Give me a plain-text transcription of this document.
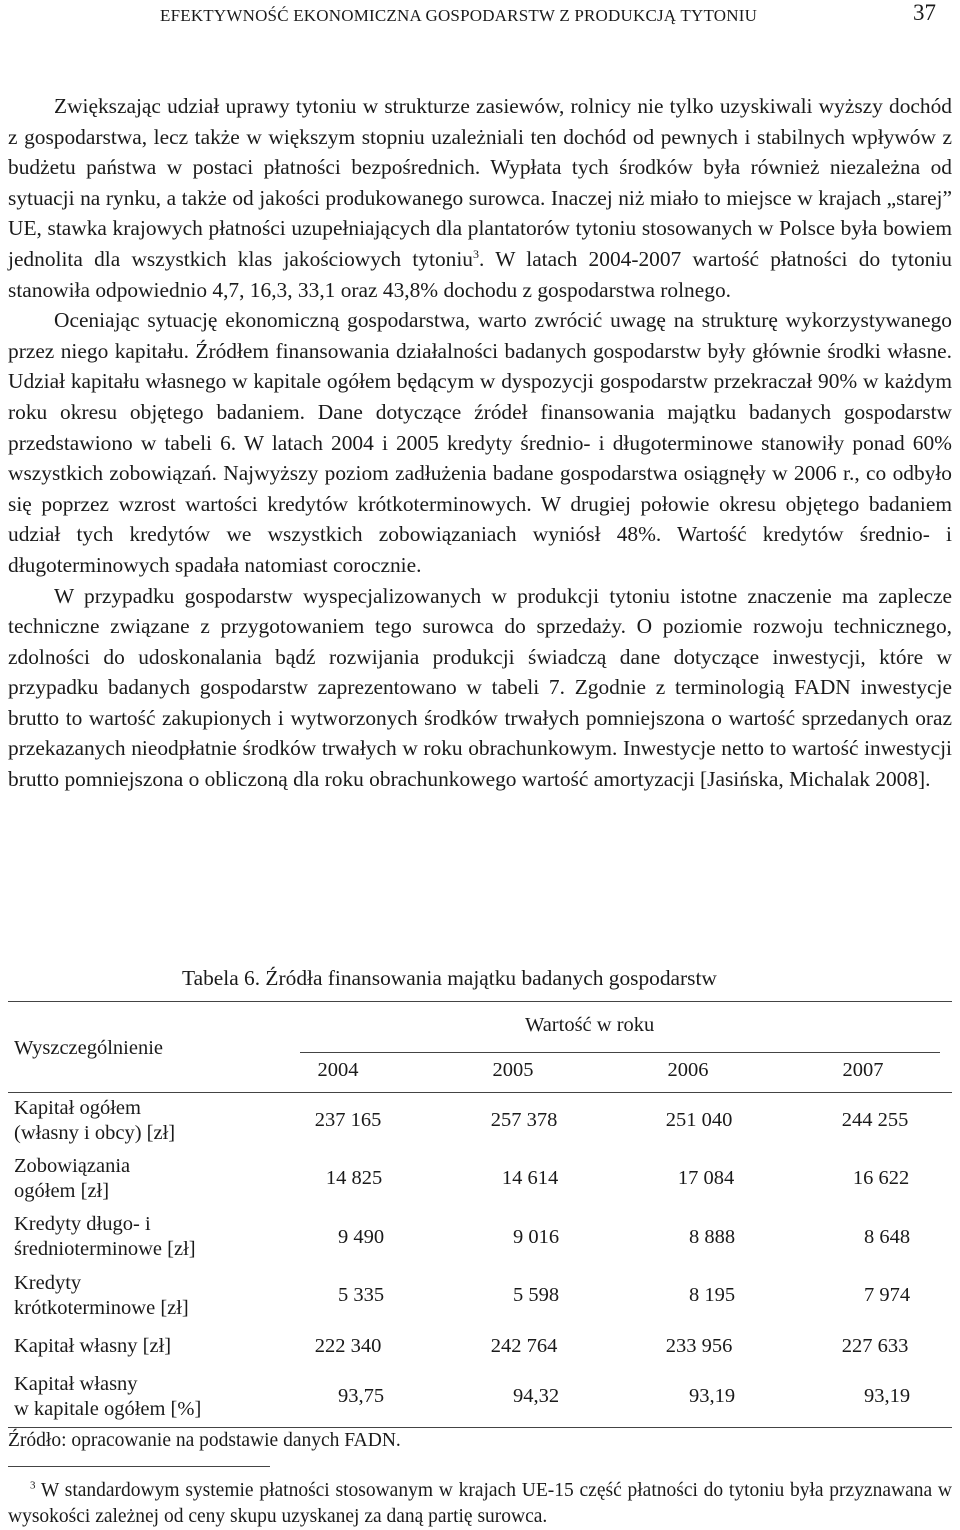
EFEKTYWNOŚĆ EKONOMICZNA GOSPODARSTW Z PRODUKCJĄ TYTONIU	37

Zwiększając udział uprawy tytoniu w strukturze zasiewów, rolnicy nie tylko uzyskiwali wyższy dochód z gospodarstwa, lecz także w większym stopniu uzależniali ten dochód od pewnych i stabilnych wpływów z budżetu państwa w postaci płatności bezpośrednich. Wypłata tych środków była również niezależna od sytuacji na rynku, a także od jakości produkowanego surowca. Inaczej niż miało to miejsce w krajach „starej” UE, stawka krajowych płatności uzupełniających dla plantatorów tytoniu stosowanych w Polsce była bowiem jednolita dla wszystkich klas jakościowych tytoniu$^3$. W latach 2004-2007 wartość płatności do tytoniu stanowiła odpowiednio 4,7, 16,3, 33,1 oraz 43,8% dochodu z gospodarstwa rolnego.

Oceniając sytuację ekonomiczną gospodarstwa, warto zwrócić uwagę na strukturę wykorzystywanego przez niego kapitału. Źródłem finansowania działalności badanych gospodarstw były głównie środki własne. Udział kapitału własnego w kapitale ogółem będącym w dyspozycji gospodarstw przekraczał 90% w każdym roku okresu objętego badaniem. Dane dotyczące źródeł finansowania majątku badanych gospodarstw przedstawiono w tabeli 6. W latach 2004 i 2005 kredyty średnio- i długoterminowe stanowiły ponad 60% wszystkich zobowiązań. Najwyższy poziom zadłużenia badane gospodarstwa osiągnęły w 2006 r., co odbyło się poprzez wzrost wartości kredytów krótkoterminowych. W drugiej połowie okresu objętego badaniem udział tych kredytów we wszystkich zobowiązaniach wyniósł 48%. Wartość kredytów średnio- i długoterminowych spadała natomiast corocznie.

W przypadku gospodarstw wyspecjalizowanych w produkcji tytoniu istotne znaczenie ma zaplecze techniczne związane z przygotowaniem tego surowca do sprzedaży. O poziomie rozwoju technicznego, zdolności do udoskonalania bądź rozwijania produkcji świadczą dane dotyczące inwestycji, które w przypadku badanych gospodarstw zaprezentowano w tabeli 7. Zgodnie z terminologią FADN inwestycje brutto to wartość zakupionych i wytworzonych środków trwałych pomniejszona o wartość sprzedanych oraz przekazanych nieodpłatnie środków trwałych w roku obrachunkowym. Inwestycje netto to wartość inwestycji brutto pomniejszona o obliczoną dla roku obrachunkowego wartość amortyzacji [Jasińska, Michalak 2008].

Tabela 6. Źródła finansowania majątku badanych gospodarstw
Wyszczególnienie
Wartość w roku
2004	2005	2006	2007
Kapitał ogółem
(własny i obcy) [zł]
237 165	257 378	251 040	244 255
Zobowiązania
ogółem [zł]
14 825	14 614	17 084	16 622
Kredyty długo- i
średnioterminowe [zł]
9 490	9 016	8 888	8 648
Kredyty
krótkoterminowe [zł]
5 335	5 598	8 195	7 974
Kapitał własny [zł]	222 340	242 764	233 956	227 633
Kapitał własny
w kapitale ogółem [%]
93,75	94,32	93,19	93,19
Źródło: opracowanie na podstawie danych FADN.
$^3$ W standardowym systemie płatności stosowanym w krajach UE-15 część płatności do tytoniu była przyznawana w wysokości zależnej od ceny skupu uzyskanej za daną partię surowca.
